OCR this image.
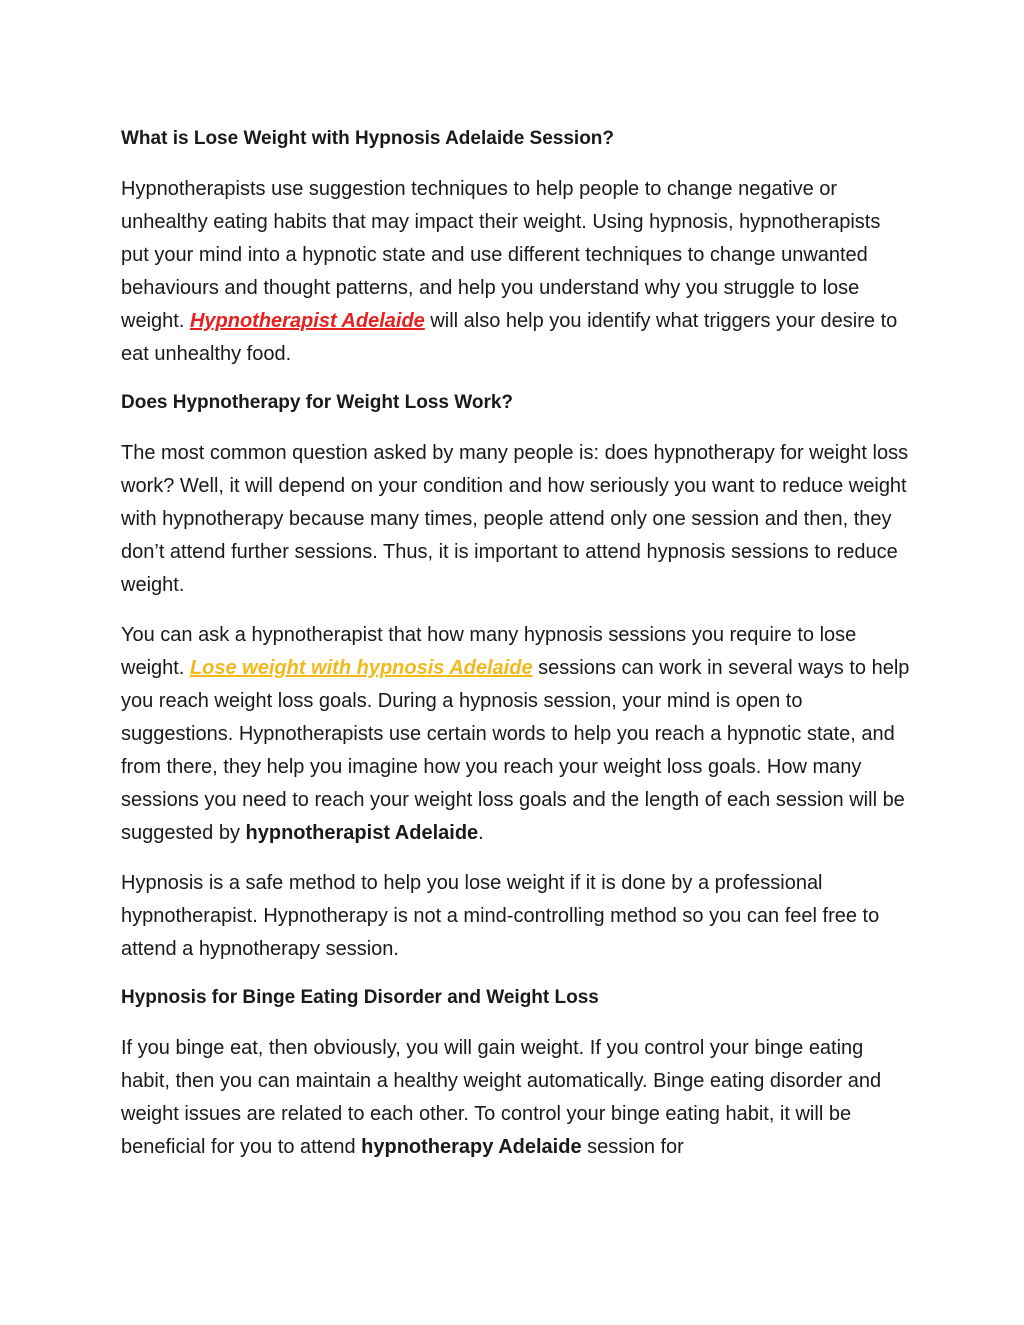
What is Lose Weight with Hypnosis Adelaide Session?

Hypnotherapists use suggestion techniques to help people to change negative or unhealthy eating habits that may impact their weight. Using hypnosis, hypnotherapists put your mind into a hypnotic state and use different techniques to change unwanted behaviours and thought patterns, and help you understand why you struggle to lose weight. Hypnotherapist Adelaide will also help you identify what triggers your desire to eat unhealthy food.

Does Hypnotherapy for Weight Loss Work?

The most common question asked by many people is: does hypnotherapy for weight loss work? Well, it will depend on your condition and how seriously you want to reduce weight with hypnotherapy because many times, people attend only one session and then, they don’t attend further sessions. Thus, it is important to attend hypnosis sessions to reduce weight.

You can ask a hypnotherapist that how many hypnosis sessions you require to lose weight. Lose weight with hypnosis Adelaide sessions can work in several ways to help you reach weight loss goals. During a hypnosis session, your mind is open to suggestions. Hypnotherapists use certain words to help you reach a hypnotic state, and from there, they help you imagine how you reach your weight loss goals. How many sessions you need to reach your weight loss goals and the length of each session will be suggested by hypnotherapist Adelaide.

Hypnosis is a safe method to help you lose weight if it is done by a professional hypnotherapist. Hypnotherapy is not a mind-controlling method so you can feel free to attend a hypnotherapy session.

Hypnosis for Binge Eating Disorder and Weight Loss

If you binge eat, then obviously, you will gain weight. If you control your binge eating habit, then you can maintain a healthy weight automatically. Binge eating disorder and weight issues are related to each other. To control your binge eating habit, it will be beneficial for you to attend hypnotherapy Adelaide session for
